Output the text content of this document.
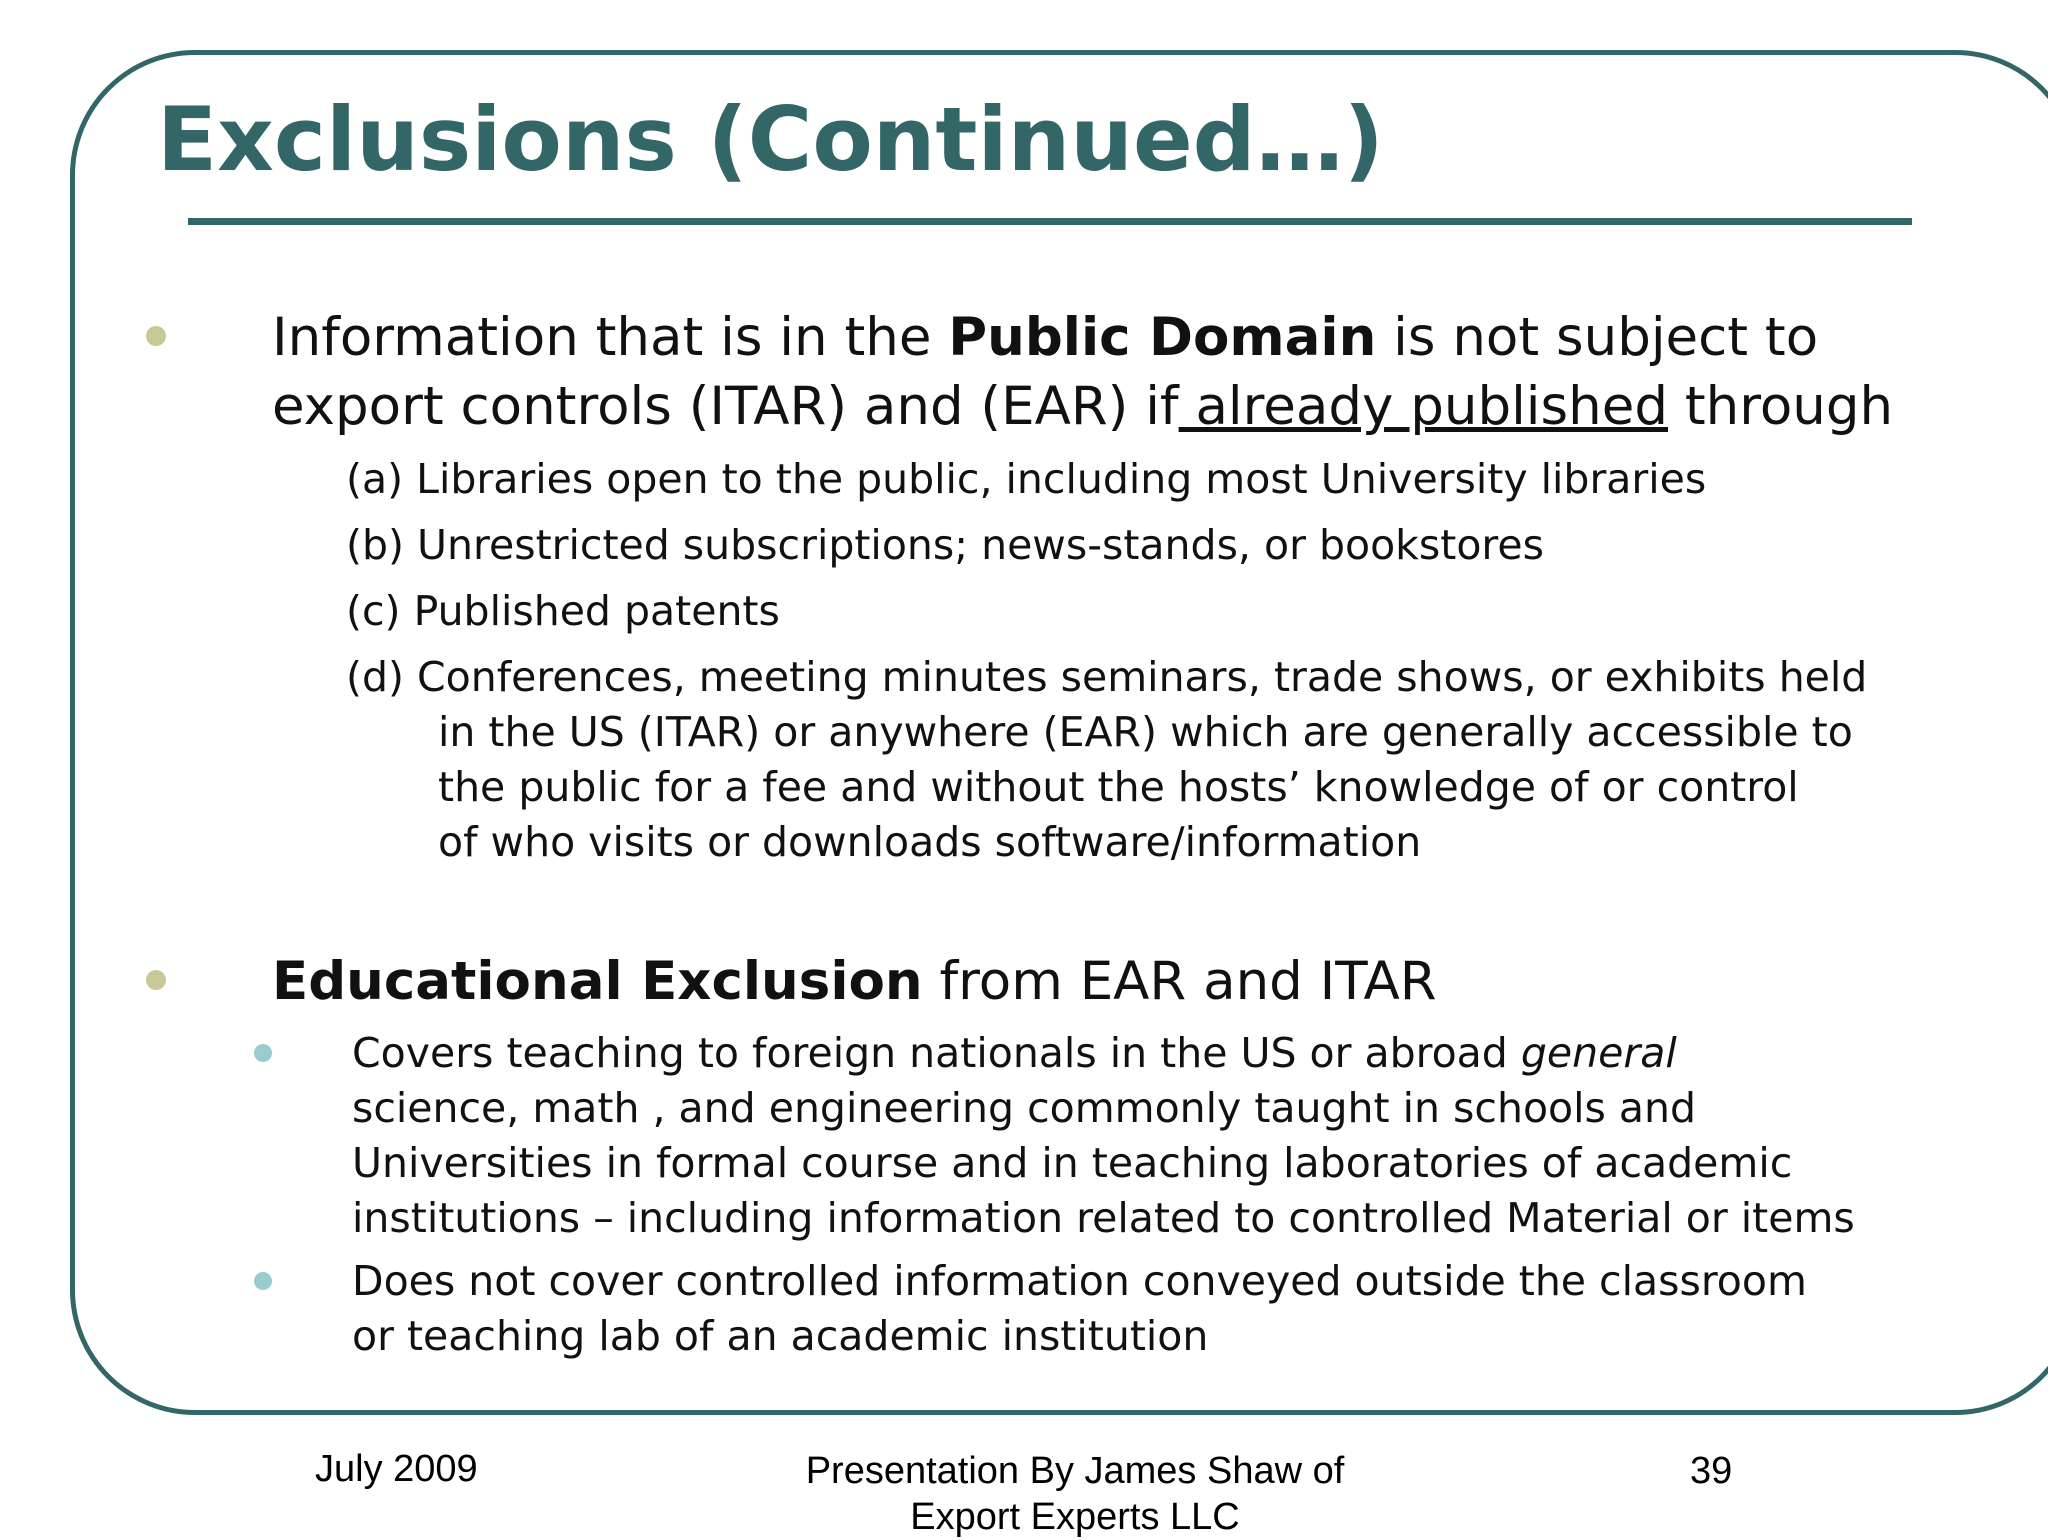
Exclusions (Continued…)
Information that is in the Public Domain is not subject to
export controls (ITAR) and (EAR) if already published through
(a) Libraries open to the public, including most University libraries
(b) Unrestricted subscriptions; news-stands, or bookstores
(c) Published patents
(d) Conferences, meeting minutes seminars, trade shows, or exhibits held
in the US (ITAR) or anywhere (EAR) which are generally accessible to
the public for a fee and without the hosts’ knowledge of or control
of who visits or downloads software/information
Educational Exclusion from EAR and ITAR
Covers teaching to foreign nationals in the US or abroad general
science, math , and engineering commonly taught in schools and
Universities in formal course and in teaching laboratories of academic
institutions – including information related to controlled Material or items
Does not cover controlled information conveyed outside the classroom
or teaching lab of an academic institution
July 2009	Presentation By James Shaw of
Export Experts LLC
39
